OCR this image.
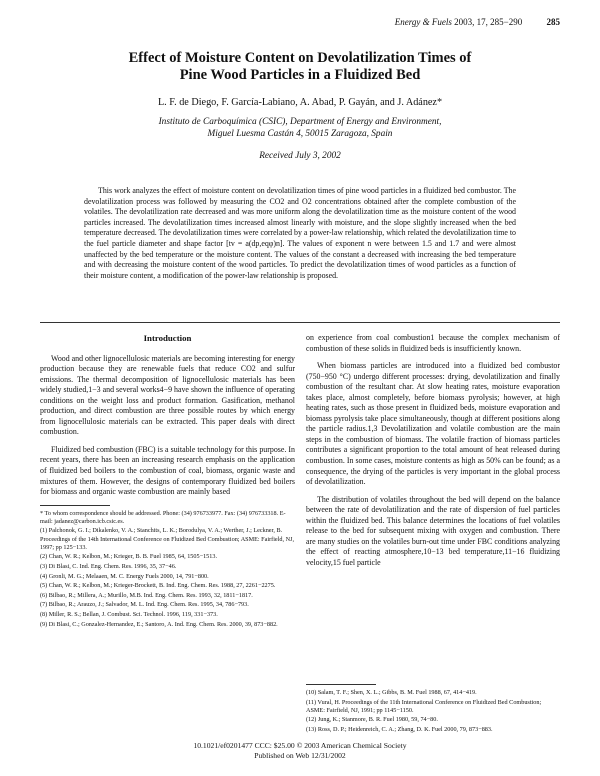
Energy & Fuels 2003, 17, 285−290	285
Effect of Moisture Content on Devolatilization Times of
Pine Wood Particles in a Fluidized Bed
L. F. de Diego, F. García-Labiano, A. Abad, P. Gayán, and J. Adánez*
Instituto de Carboquímica (CSIC), Department of Energy and Environment,
Miguel Luesma Castán 4, 50015 Zaragoza, Spain
Received July 3, 2002
This work analyzes the effect of moisture content on devolatilization times of pine wood particles in a fluidized bed combustor. The devolatilization process was followed by measuring the CO2 and O2 concentrations obtained after the complete combustion of the volatiles. The devolatilization rate decreased and was more uniform along the devolatilization time as the moisture content of the wood particles increased. The devolatilization times increased almost linearly with moisture, and the slope slightly increased when the bed temperature decreased. The devolatilization times were correlated by a power-law relationship, which related the devolatilization time to the fuel particle diameter and shape factor [tv = a(dp,eqφ)n]. The values of exponent n were between 1.5 and 1.7 and were almost unaffected by the bed temperature or the moisture content. The values of the constant a decreased with increasing the bed temperature and with decreasing the moisture content of the wood particles. To predict the devolatilization times of wood particles as a function of their moisture content, a modification of the power-law relationship is proposed.
Introduction

Wood and other lignocellulosic materials are becoming interesting for energy production because they are renewable fuels that reduce CO2 and sulfur emissions. The thermal decomposition of lignocellulosic materials has been widely studied,1−3 and several works4−9 have shown the influence of operating conditions on the weight loss and product formation. Gasification, methanol production, and direct combustion are three possible routes by which energy from lignocellulosic materials can be extracted. This paper deals with direct combustion.

Fluidized bed combustion (FBC) is a suitable technology for this purpose. In recent years, there has been an increasing research emphasis on the application of fluidized bed boilers to the combustion of coal, biomass, organic waste and mixtures of them. However, the designs of contemporary fluidized bed boilers for biomass and organic waste combustion are mainly based

* To whom correspondence should be addressed. Phone: (34) 976733977. Fax: (34) 976733318. E-mail: jadanez@carbon.icb.csic.es.
(1) Palchonok, G. I.; Dikalenko, V. A.; Stanchits, L. K.; Borodulya, V. A.; Werther, J.; Leckner, B. Proceedings of the 14th International Conference on Fluidized Bed Combustion; ASME: Fairfield, NJ, 1997; pp 125−133.
(2) Chan, W. R.; Kelbon, M.; Krieger, B. B. Fuel 1985, 64, 1505−1513.
(3) Di Blasi, C. Ind. Eng. Chem. Res. 1996, 35, 37−46.
(4) Gronli, M. G.; Melaaen, M. C. Energy Fuels 2000, 14, 791−800.
(5) Chan, W. R.; Kelbon, M.; Krieger-Brockett, B. Ind. Eng. Chem. Res. 1988, 27, 2261−2275.
(6) Bilbao, R.; Millera, A.; Murillo, M.B. Ind. Eng. Chem. Res. 1993, 32, 1811−1817.
(7) Bilbao, R.; Arauzo, J.; Salvador, M. L. Ind. Eng. Chem. Res. 1995, 34, 786−793.
(8) Miller, R. S.; Bellan, J. Combust. Sci. Technol. 1996, 119, 331−373.
(9) Di Blasi, C.; Gonzalez-Hernandez, E.; Santoro, A. Ind. Eng. Chem. Res. 2000, 39, 873−882.

on experience from coal combustion1 because the complex mechanism of combustion of these solids in fluidized beds is insufficiently known.

When biomass particles are introduced into a fluidized bed combustor (750−950 °C) undergo different processes: drying, devolatilization and finally combustion of the resultant char. At slow heating rates, moisture evaporation takes place, almost completely, before biomass pyrolysis; however, at high heating rates, such as those present in fluidized beds, moisture evaporation and biomass pyrolysis take place simultaneously, though at different positions along the particle radius.1,3 Devolatilization and volatile combustion are the main steps in the combustion of biomass. The volatile fraction of biomass particles contributes a significant proportion to the total amount of heat released during combustion. In some cases, moisture contents as high as 50% can be found; as a consequence, the drying of the particles is very important in the global process of devolatilization.

The distribution of volatiles throughout the bed will depend on the balance between the rate of devolatilization and the rate of dispersion of fuel particles within the fluidized bed. This balance determines the locations of fuel volatiles release to the bed for subsequent mixing with oxygen and combustion. There are many studies on the volatiles burn-out time under FBC conditions analyzing the effect of reacting atmosphere,10−13 bed temperature,11−16 fluidizing velocity,15 fuel particle

(10) Salam, T. F.; Shen, X. L.; Gibbs, B. M. Fuel 1988, 67, 414−419.
(11) Vural, H. Proceedings of the 11th International Conference on Fluidized Bed Combustion; ASME: Fairfield, NJ, 1991; pp 1145−1150.
(12) Jung, K.; Stanmore, B. R. Fuel 1980, 59, 74−80.
(13) Ross, D. P.; Heidenreich, C. A.; Zhang, D. K. Fuel 2000, 79, 873−883.
10.1021/ef0201477 CCC: $25.00 © 2003 American Chemical Society
Published on Web 12/31/2002
